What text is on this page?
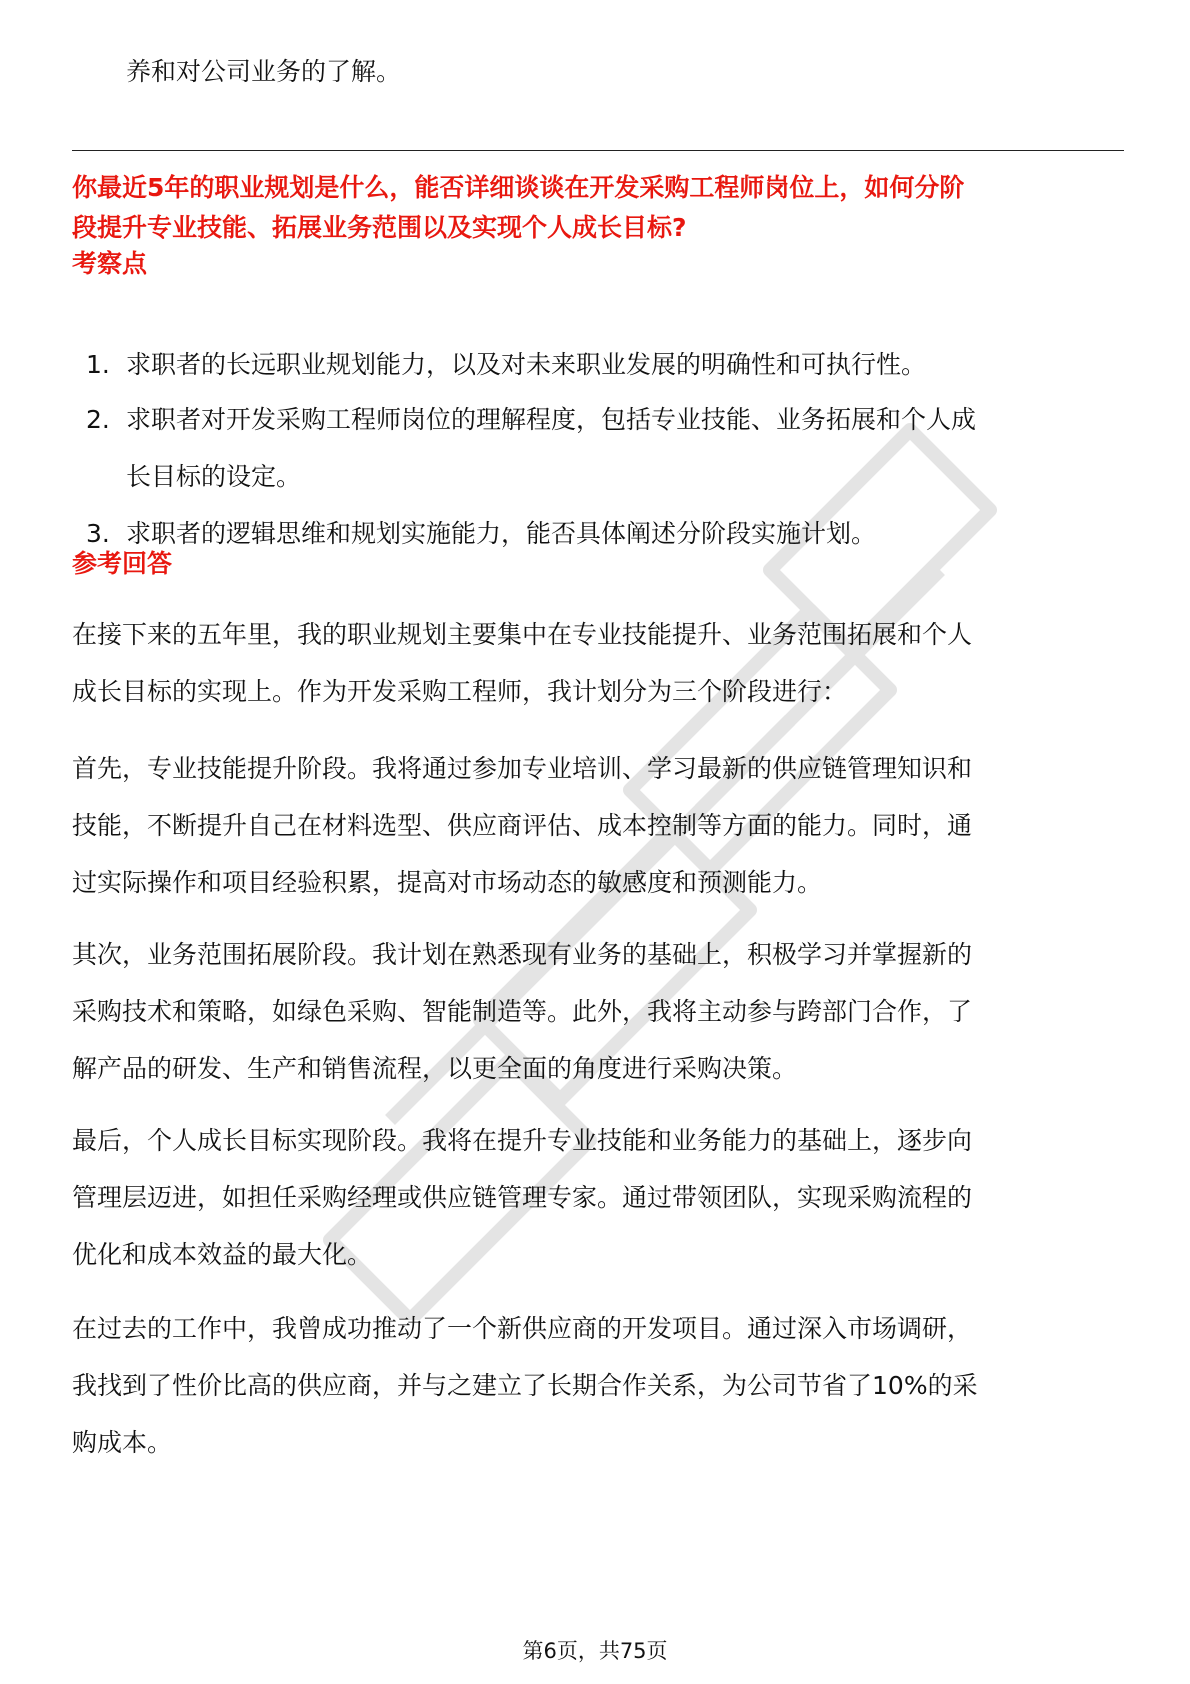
养和对公司业务的了解。
你最近5年的职业规划是什么，能否详细谈谈在开发采购工程师岗位上，如何分阶
段提升专业技能、拓展业务范围以及实现个人成长目标?
考察点
1. 求职者的长远职业规划能力，以及对未来职业发展的明确性和可执行性。
2. 求职者对开发采购工程师岗位的理解程度，包括专业技能、业务拓展和个人成
长目标的设定。
3. 求职者的逻辑思维和规划实施能力，能否具体阐述分阶段实施计划。
参考回答
在接下来的五年里，我的职业规划主要集中在专业技能提升、业务范围拓展和个人
成长目标的实现上。作为开发采购工程师，我计划分为三个阶段进行：
首先，专业技能提升阶段。我将通过参加专业培训、学习最新的供应链管理知识和
技能，不断提升自己在材料选型、供应商评估、成本控制等方面的能力。同时，通
过实际操作和项目经验积累，提高对市场动态的敏感度和预测能力。
其次，业务范围拓展阶段。我计划在熟悉现有业务的基础上，积极学习并掌握新的
采购技术和策略，如绿色采购、智能制造等。此外，我将主动参与跨部门合作，了
解产品的研发、生产和销售流程，以更全面的角度进行采购决策。
最后，个人成长目标实现阶段。我将在提升专业技能和业务能力的基础上，逐步向
管理层迈进，如担任采购经理或供应链管理专家。通过带领团队，实现采购流程的
优化和成本效益的最大化。
在过去的工作中，我曾成功推动了一个新供应商的开发项目。通过深入市场调研，
我找到了性价比高的供应商，并与之建立了长期合作关系，为公司节省了10%的采
购成本。
第6页，共75页
